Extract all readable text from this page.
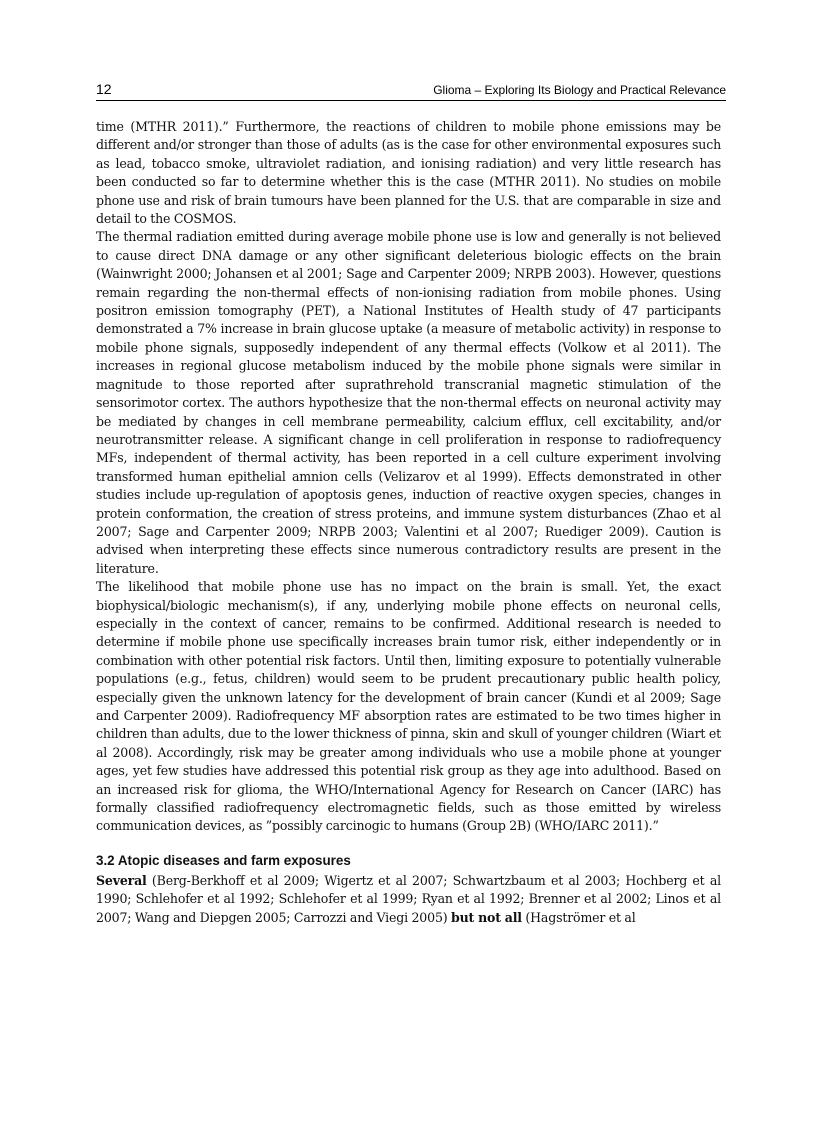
12	Glioma – Exploring Its Biology and Practical Relevance

time (MTHR 2011).” Furthermore, the reactions of children to mobile phone emissions may be different and/or stronger than those of adults (as is the case for other environmental exposures such as lead, tobacco smoke, ultraviolet radiation, and ionising radiation) and very little research has been conducted so far to determine whether this is the case (MTHR 2011). No studies on mobile phone use and risk of brain tumours have been planned for the U.S. that are comparable in size and detail to the COSMOS.

The thermal radiation emitted during average mobile phone use is low and generally is not believed to cause direct DNA damage or any other significant deleterious biologic effects on the brain (Wainwright 2000; Johansen et al 2001; Sage and Carpenter 2009; NRPB 2003). However, questions remain regarding the non-thermal effects of non-ionising radiation from mobile phones. Using positron emission tomography (PET), a National Institutes of Health study of 47 participants demonstrated a 7% increase in brain glucose uptake (a measure of metabolic activity) in response to mobile phone signals, supposedly independent of any thermal effects (Volkow et al 2011). The increases in regional glucose metabolism induced by the mobile phone signals were similar in magnitude to those reported after suprathrehold transcranial magnetic stimulation of the sensorimotor cortex. The authors hypothesize that the non-thermal effects on neuronal activity may be mediated by changes in cell membrane permeability, calcium efflux, cell excitability, and/or neurotransmitter release. A significant change in cell proliferation in response to radiofrequency MFs, independent of thermal activity, has been reported in a cell culture experiment involving transformed human epithelial amnion cells (Velizarov et al 1999). Effects demonstrated in other studies include up-regulation of apoptosis genes, induction of reactive oxygen species, changes in protein conformation, the creation of stress proteins, and immune system disturbances (Zhao et al 2007; Sage and Carpenter 2009; NRPB 2003; Valentini et al 2007; Ruediger 2009). Caution is advised when interpreting these effects since numerous contradictory results are present in the literature.

The likelihood that mobile phone use has no impact on the brain is small. Yet, the exact biophysical/biologic mechanism(s), if any, underlying mobile phone effects on neuronal cells, especially in the context of cancer, remains to be confirmed. Additional research is needed to determine if mobile phone use specifically increases brain tumor risk, either independently or in combination with other potential risk factors. Until then, limiting exposure to potentially vulnerable populations (e.g., fetus, children) would seem to be prudent precautionary public health policy, especially given the unknown latency for the development of brain cancer (Kundi et al 2009; Sage and Carpenter 2009). Radiofrequency MF absorption rates are estimated to be two times higher in children than adults, due to the lower thickness of pinna, skin and skull of younger children (Wiart et al 2008). Accordingly, risk may be greater among individuals who use a mobile phone at younger ages, yet few studies have addressed this potential risk group as they age into adulthood. Based on an increased risk for glioma, the WHO/International Agency for Research on Cancer (IARC) has formally classified radiofrequency electromagnetic fields, such as those emitted by wireless communication devices, as ”possibly carcinogic to humans (Group 2B) (WHO/IARC 2011).”

3.2 Atopic diseases and farm exposures

Several (Berg-Berkhoff et al 2009; Wigertz et al 2007; Schwartzbaum et al 2003; Hochberg et al 1990; Schlehofer et al 1992; Schlehofer et al 1999; Ryan et al 1992; Brenner et al 2002; Linos et al 2007; Wang and Diepgen 2005; Carrozzi and Viegi 2005) but not all (Hagströmer et al
